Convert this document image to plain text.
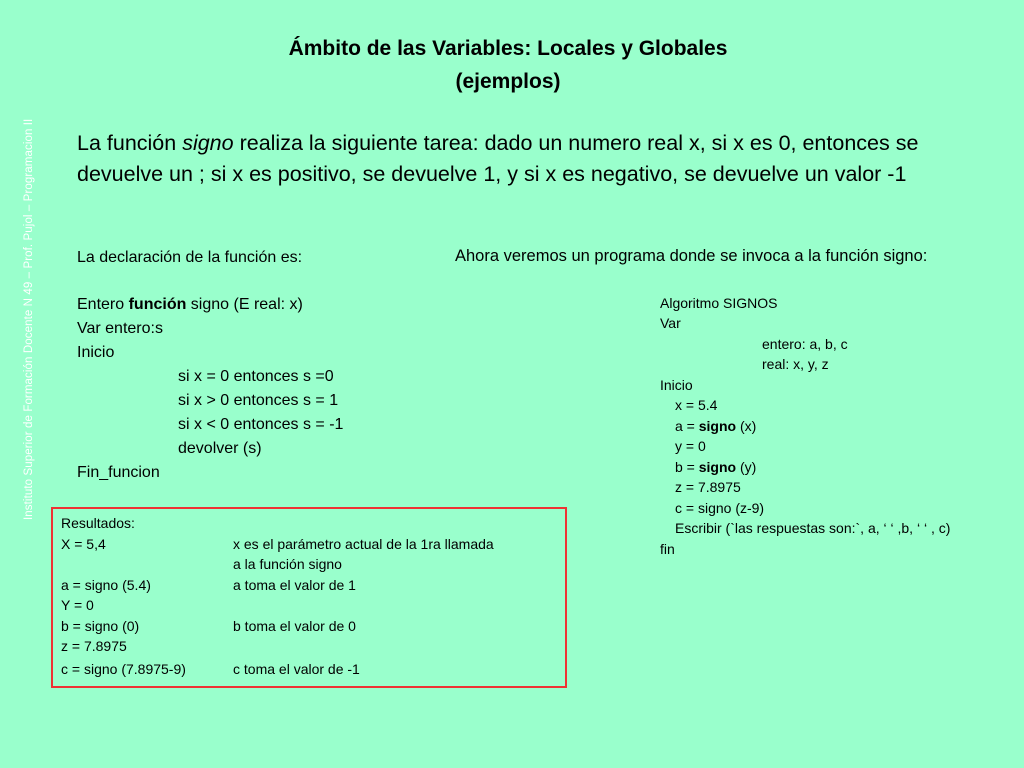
Instituto Superior de Formación Docente N 49 – Prof. Pujol – Programacion II
Ámbito de las Variables: Locales y Globales
(ejemplos)
La función signo realiza la siguiente tarea: dado un numero real x, si x es 0, entonces se devuelve un ; si x es positivo, se devuelve 1, y si x es negativo, se devuelve un valor -1
La declaración de la función es:
Entero función signo (E real: x)
Var entero:s
Inicio
si x = 0 entonces s =0
si x > 0 entonces s = 1
si x < 0 entonces s = -1
devolver (s)
Fin_funcion
Ahora veremos un programa donde se invoca a la función signo:
Algoritmo SIGNOS
Var
entero: a, b, c
real: x, y, z
Inicio
x = 5.4
a = signo (x)
y = 0
b = signo (y)
z = 7.8975
c = signo (z-9)
Escribir (`las respuestas son:`, a, ‘ ‘ ,b, ‘ ‘ , c)
fin
Resultados:
X = 5,4	x es el parámetro actual de la 1ra llamada
a la función signo
a = signo (5.4)	a toma el valor de 1
Y = 0
b = signo (0)	b toma el valor de 0
z = 7.8975
c = signo (7.8975-9)	c toma el valor de -1
